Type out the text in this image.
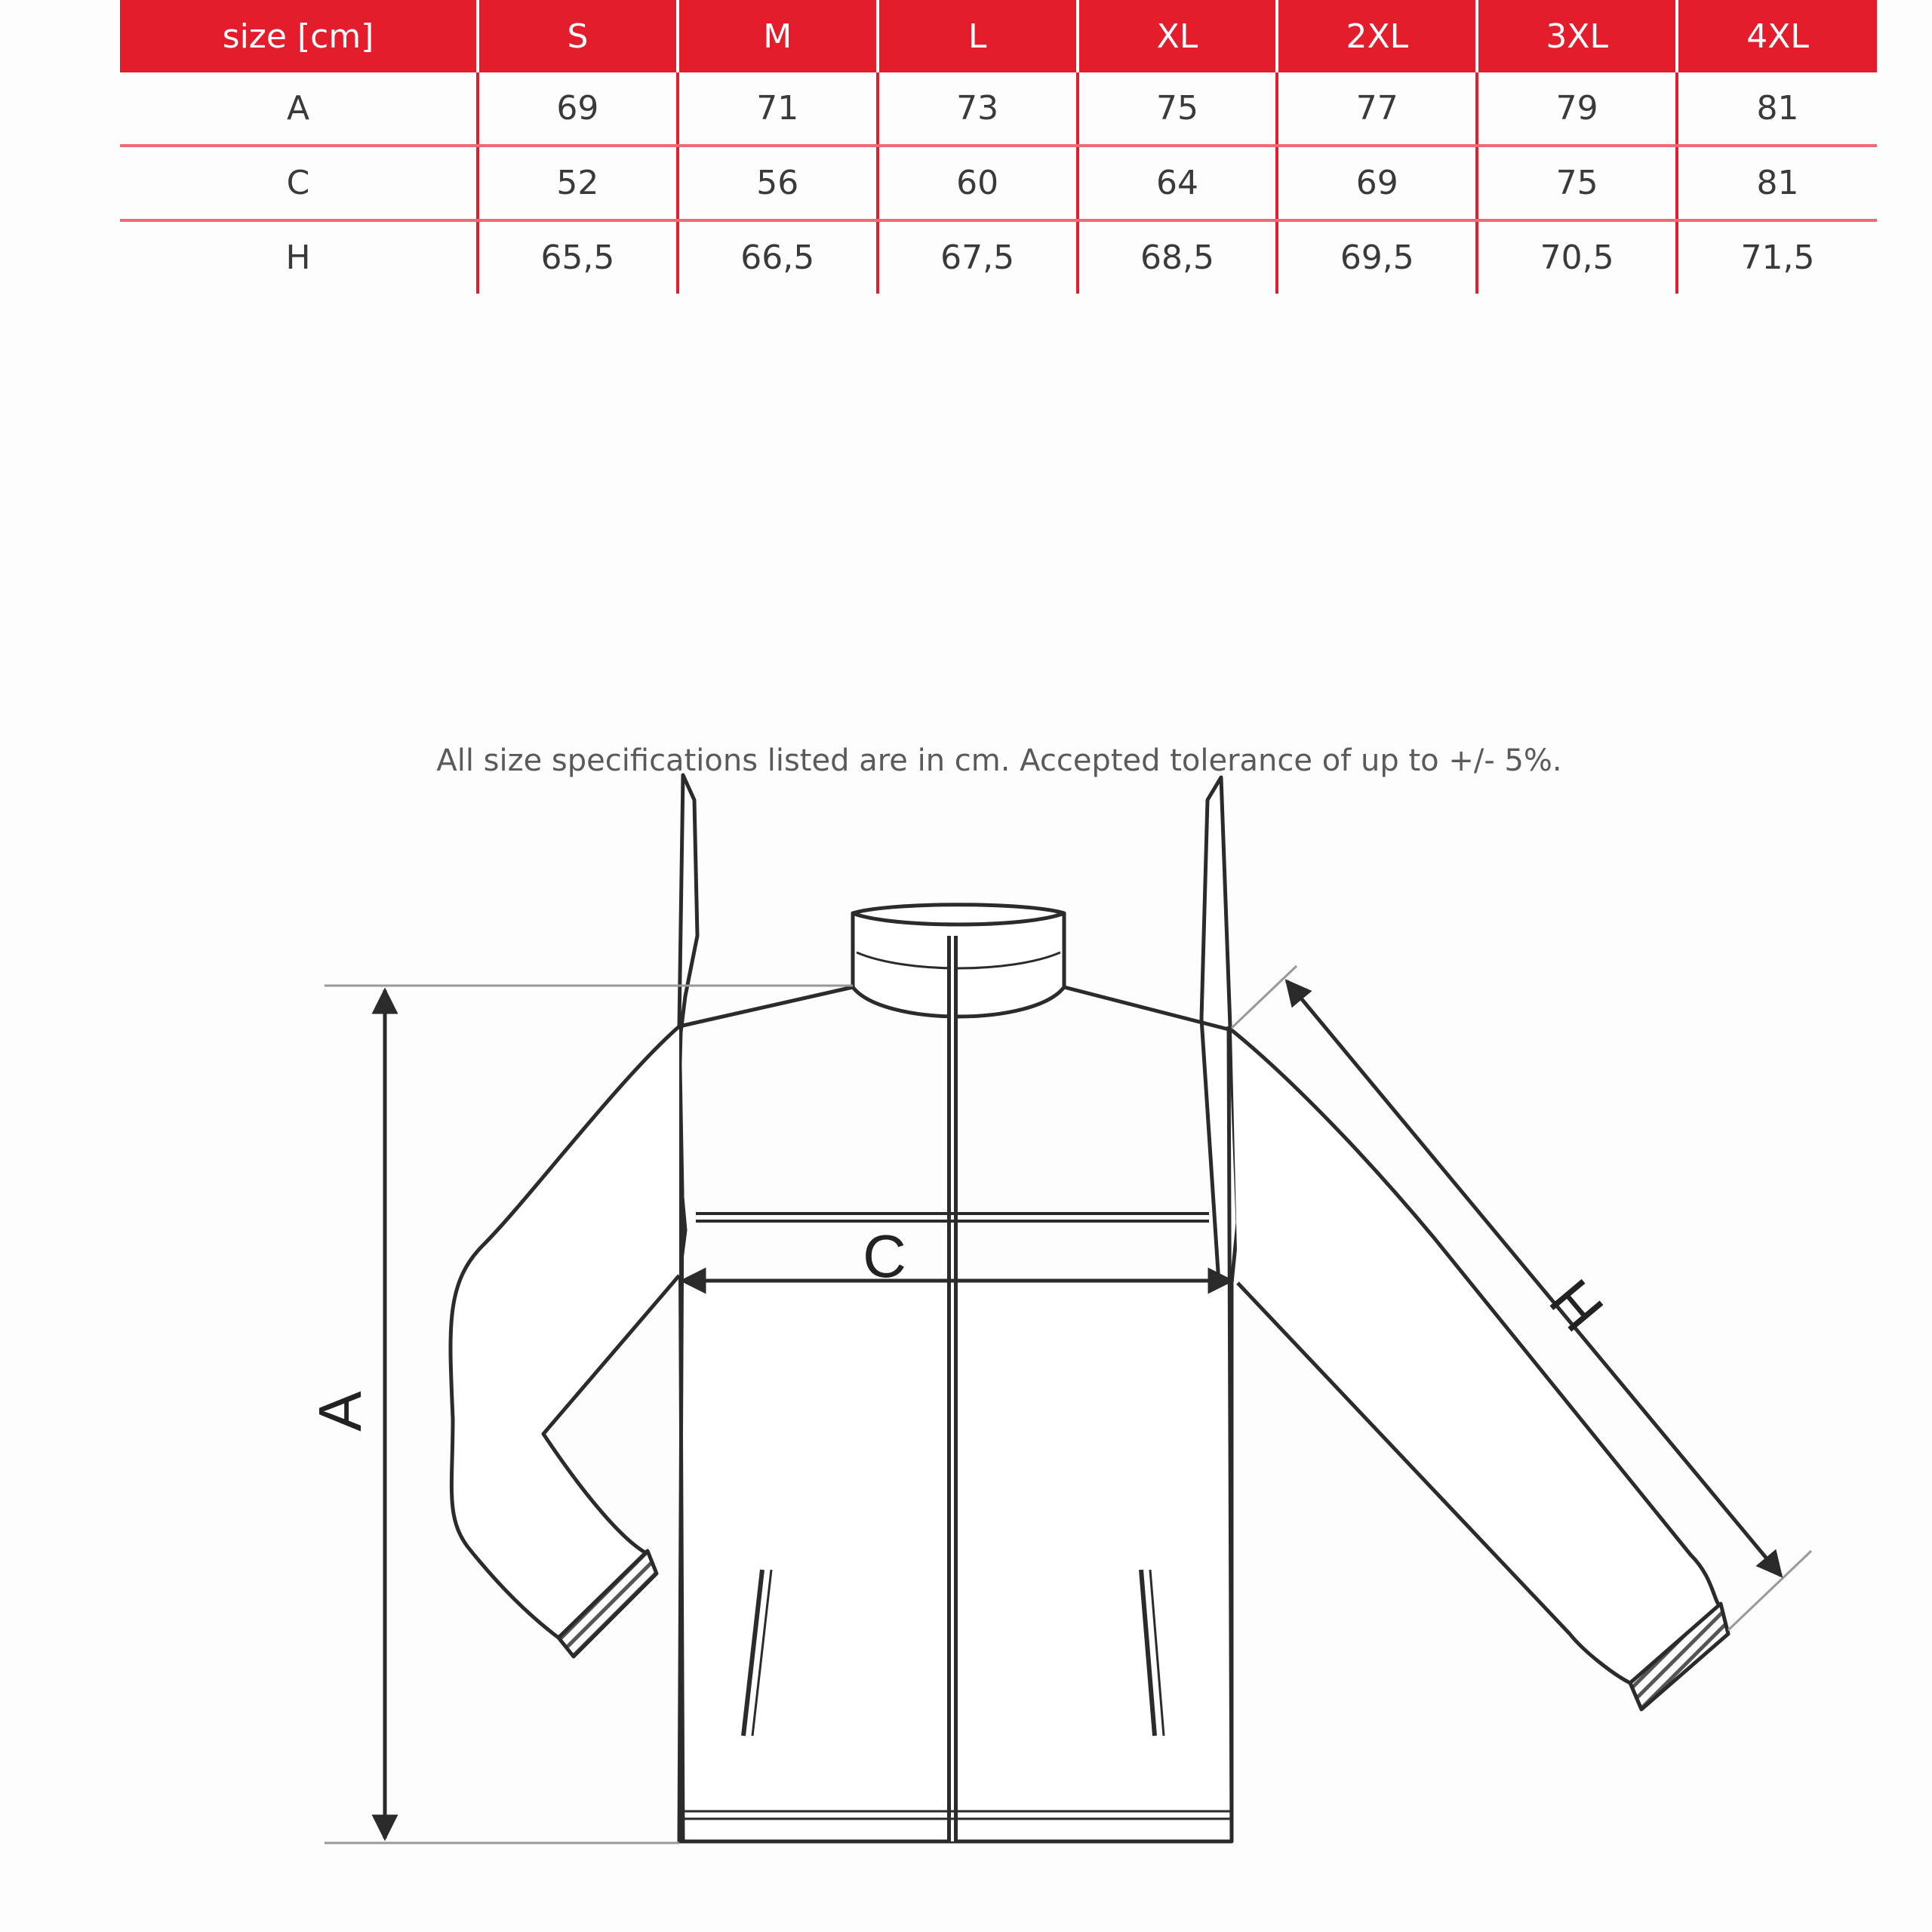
size [cm]	S	M	L	XL	2XL	3XL	4XL
A	69	71	73	75	77	79	81
C	52	56	60	64	69	75	81
H	65,5	66,5	67,5	68,5	69,5	70,5	71,5
All size specifications listed are in cm. Accepted tolerance of up to +/- 5%.
A
C
H
